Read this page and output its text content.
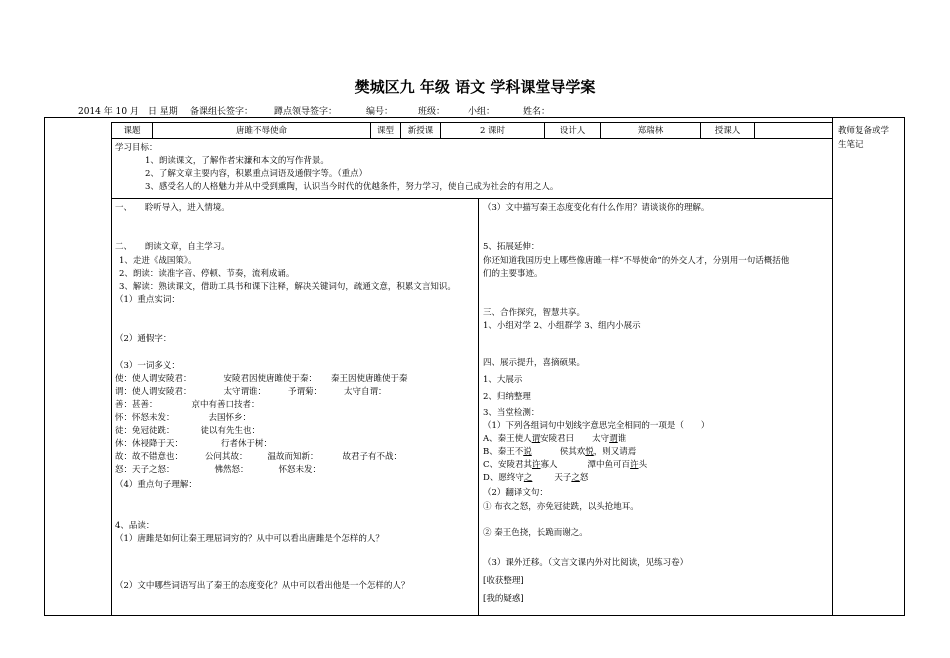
樊城区九 年级 语文 学科课堂导学案
2014 年 10 月　日 星期 备课组长签字： 蹲点领导签字：	编号：	班级：	小组：	姓名：
课题	唐雎不辱使命	课型	新授课	2 课时	设计人	郑瑞林	授课人	教师复备或学
生笔记
学习目标：
1、朗读课文，了解作者宋濂和本文的写作背景。
2、了解文章主要内容，积累重点词语及通假字等。（重点）
3、感受名人的人格魅力并从中受到熏陶，认识当今时代的优越条件，努力学习，使自己成为社会的有用之人。
一、　　聆听导入，进入情境。
二、　　朗读文章，自主学习。
1、走进《战国策》。
2、朗读：读准字音、停顿、节奏，流利成诵。
3、解读：熟读课文，借助工具书和课下注释，解决关键词句，疏通文意，积累文言知识。
（1）重点实词：
（2）通假字：
（3）一词多义：
使：使人谓安陵君：	安陵君因使唐雎使于秦： 秦王因使唐雎使于秦
谓：使人谓安陵君：	太守谓谁：	予谓菊：	太守自谓：
善：甚善：	京中有善口技者：
怀：怀怒未发：	去国怀乡：
徒：免冠徒跣：	徒以有先生也：
休：休祲降于天：	行者休于树：
故：故不错意也：	公问其故： 温故而知新：	故君子有不战：
怒：天子之怒：	怫然怒：	怀怒未发：
（4）重点句子理解：
4、品读：
（1）唐雎是如何让秦王理屈词穷的？从中可以看出唐雎是个怎样的人？
（2）文中哪些词语写出了秦王的态度变化？从中可以看出他是一个怎样的人？
（3）文中描写秦王态度变化有什么作用？请谈谈你的理解。
5、拓展延伸：
你还知道我国历史上哪些像唐雎一样“不辱使命”的外交人才，分别用一句话概括他
们的主要事迹。
三、合作探究，智慧共享。
1、小组对学 2、小组群学 3、组内小展示
四、展示提升，喜摘硕果。
1、大展示
2、归纳整理
3、当堂检测：
（1）下列各组词句中划线字意思完全相同的一项是（　　）
A、秦王使人谓安陵君曰 太守谓谁
B、秦王不说	侯其欢悦，则又请焉
C、安陵君其许寡人	潭中鱼可百许头
D、愿终守之	天子之怒
（2）翻译文句：
① 布衣之怒，亦免冠徒跣，以头抢地耳。
② 秦王色挠，长跪而谢之。
（3）课外迁移。（文言文课内外对比阅读，见练习卷）
[收获整理]
[我的疑惑]
